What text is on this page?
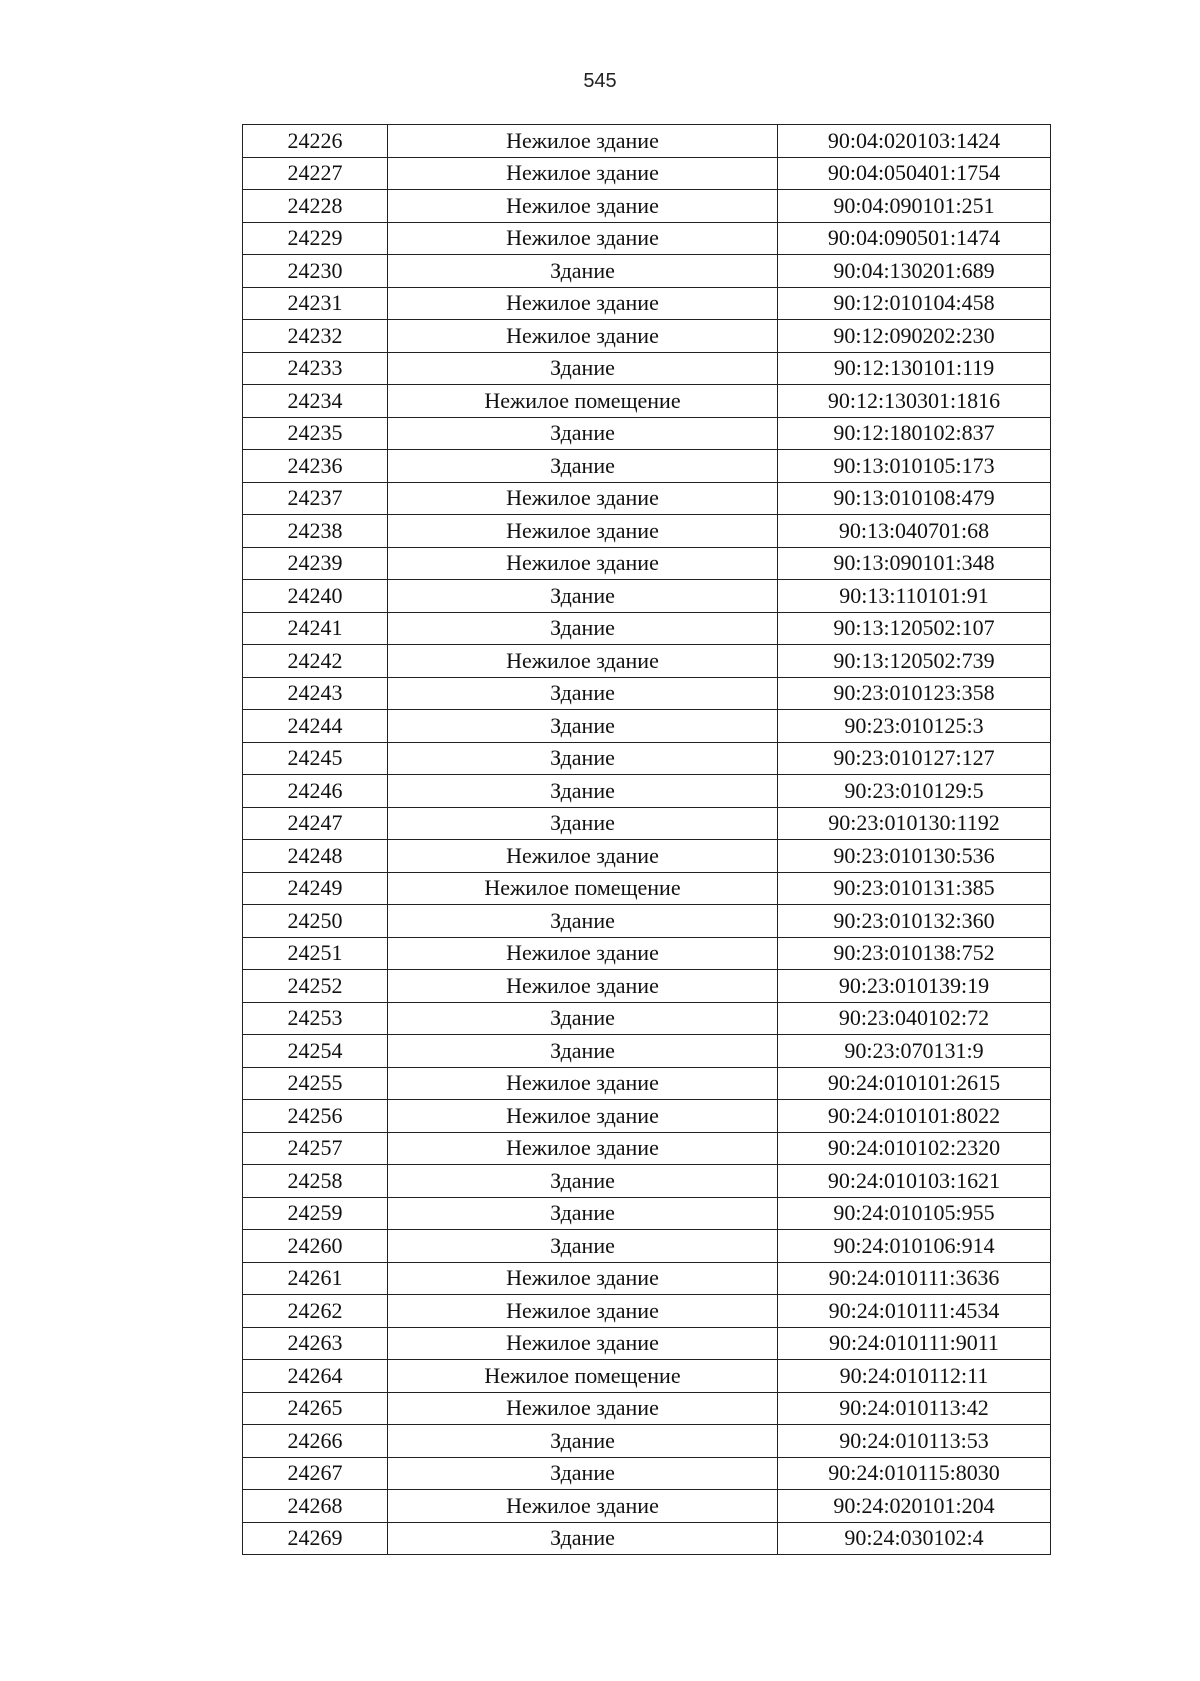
545
24226	Нежилое здание	90:04:020103:1424
24227	Нежилое здание	90:04:050401:1754
24228	Нежилое здание	90:04:090101:251
24229	Нежилое здание	90:04:090501:1474
24230	Здание	90:04:130201:689
24231	Нежилое здание	90:12:010104:458
24232	Нежилое здание	90:12:090202:230
24233	Здание	90:12:130101:119
24234	Нежилое помещение	90:12:130301:1816
24235	Здание	90:12:180102:837
24236	Здание	90:13:010105:173
24237	Нежилое здание	90:13:010108:479
24238	Нежилое здание	90:13:040701:68
24239	Нежилое здание	90:13:090101:348
24240	Здание	90:13:110101:91
24241	Здание	90:13:120502:107
24242	Нежилое здание	90:13:120502:739
24243	Здание	90:23:010123:358
24244	Здание	90:23:010125:3
24245	Здание	90:23:010127:127
24246	Здание	90:23:010129:5
24247	Здание	90:23:010130:1192
24248	Нежилое здание	90:23:010130:536
24249	Нежилое помещение	90:23:010131:385
24250	Здание	90:23:010132:360
24251	Нежилое здание	90:23:010138:752
24252	Нежилое здание	90:23:010139:19
24253	Здание	90:23:040102:72
24254	Здание	90:23:070131:9
24255	Нежилое здание	90:24:010101:2615
24256	Нежилое здание	90:24:010101:8022
24257	Нежилое здание	90:24:010102:2320
24258	Здание	90:24:010103:1621
24259	Здание	90:24:010105:955
24260	Здание	90:24:010106:914
24261	Нежилое здание	90:24:010111:3636
24262	Нежилое здание	90:24:010111:4534
24263	Нежилое здание	90:24:010111:9011
24264	Нежилое помещение	90:24:010112:11
24265	Нежилое здание	90:24:010113:42
24266	Здание	90:24:010113:53
24267	Здание	90:24:010115:8030
24268	Нежилое здание	90:24:020101:204
24269	Здание	90:24:030102:4
